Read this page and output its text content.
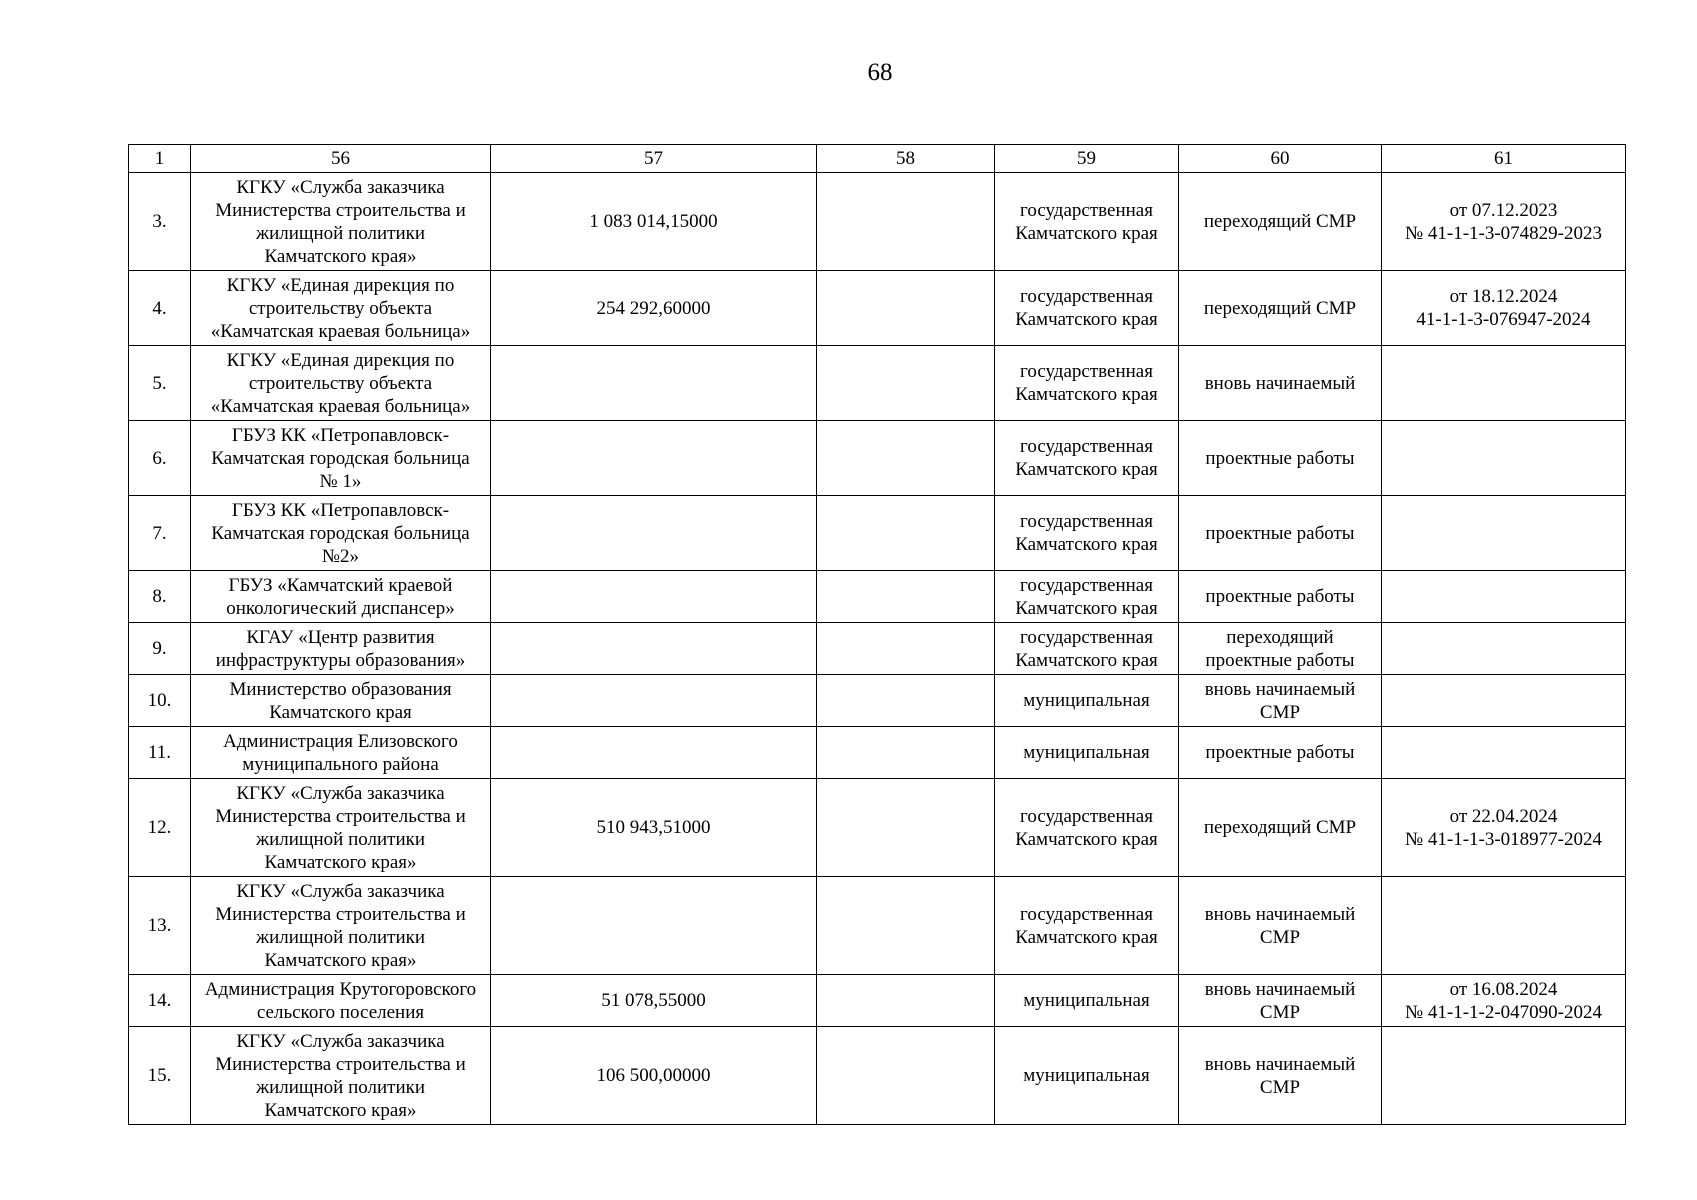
68
1	56	57	58	59	60	61
3.	КГКУ «Служба заказчика
Министерства строительства и
жилищной политики
Камчатского края»	1 083 014,15000		государственная
Камчатского края	переходящий СМР	от 07.12.2023
№ 41-1-1-3-074829-2023
4.	КГКУ «Единая дирекция по
строительству объекта
«Камчатская краевая больница»	254 292,60000		государственная
Камчатского края	переходящий СМР	от 18.12.2024
41-1-1-3-076947-2024
5.	КГКУ «Единая дирекция по
строительству объекта
«Камчатская краевая больница»			государственная
Камчатского края	вновь начинаемый	
6.	ГБУЗ КК «Петропавловск-
Камчатская городская больница
№ 1»			государственная
Камчатского края	проектные работы	
7.	ГБУЗ КК «Петропавловск-
Камчатская городская больница
№2»			государственная
Камчатского края	проектные работы	
8.	ГБУЗ «Камчатский краевой
онкологический диспансер»			государственная
Камчатского края	проектные работы	
9.	КГАУ «Центр развития
инфраструктуры образования»			государственная
Камчатского края	переходящий
проектные работы	
10.	Министерство образования
Камчатского края			муниципальная	вновь начинаемый
СМР	
11.	Администрация Елизовского
муниципального района			муниципальная	проектные работы	
12.	КГКУ «Служба заказчика
Министерства строительства и
жилищной политики
Камчатского края»	510 943,51000		государственная
Камчатского края	переходящий СМР	от 22.04.2024
№ 41-1-1-3-018977-2024
13.	КГКУ «Служба заказчика
Министерства строительства и
жилищной политики
Камчатского края»			государственная
Камчатского края	вновь начинаемый
СМР	
14.	Администрация Крутогоровского
сельского поселения	51 078,55000		муниципальная	вновь начинаемый
СМР	от 16.08.2024
№ 41-1-1-2-047090-2024
15.	КГКУ «Служба заказчика
Министерства строительства и
жилищной политики
Камчатского края»	106 500,00000		муниципальная	вновь начинаемый
СМР	
